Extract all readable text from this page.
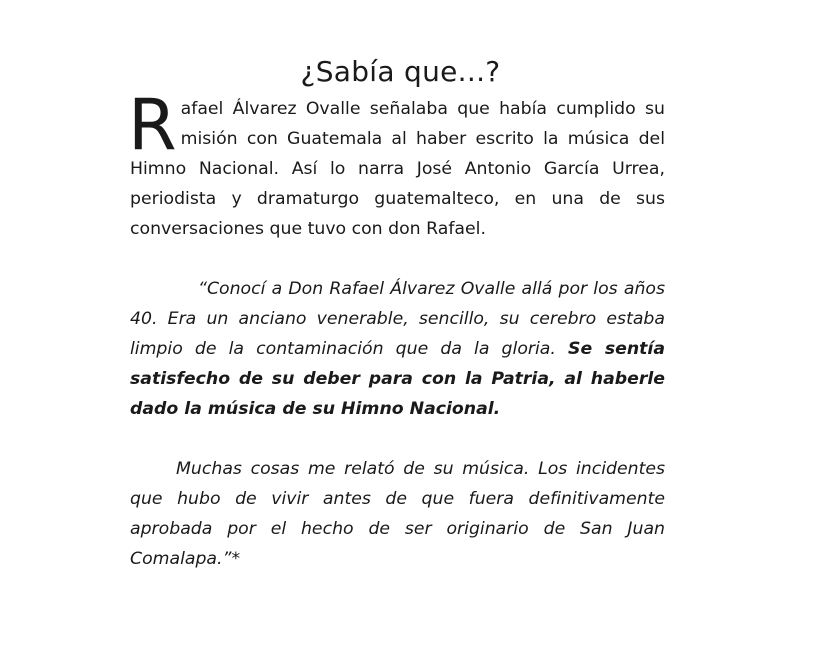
¿Sabía que...?

Rafael Álvarez Ovalle señalaba que había cumplido su misión con Guatemala al haber escrito la música del Himno Nacional. Así lo narra José Antonio García Urrea, periodista y dramaturgo guatemalteco, en una de sus conversaciones que tuvo con don Rafael.

“Conocí a Don Rafael Álvarez Ovalle allá por los años 40. Era un anciano venerable, sencillo, su cerebro estaba limpio de la contaminación que da la gloria. Se sentía satisfecho de su deber para con la Patria, al haberle dado la música de su Himno Nacional.

Muchas cosas me relató de su música. Los incidentes que hubo de vivir antes de que fuera definitivamente aprobada por el hecho de ser originario de San Juan Comalapa.”*
